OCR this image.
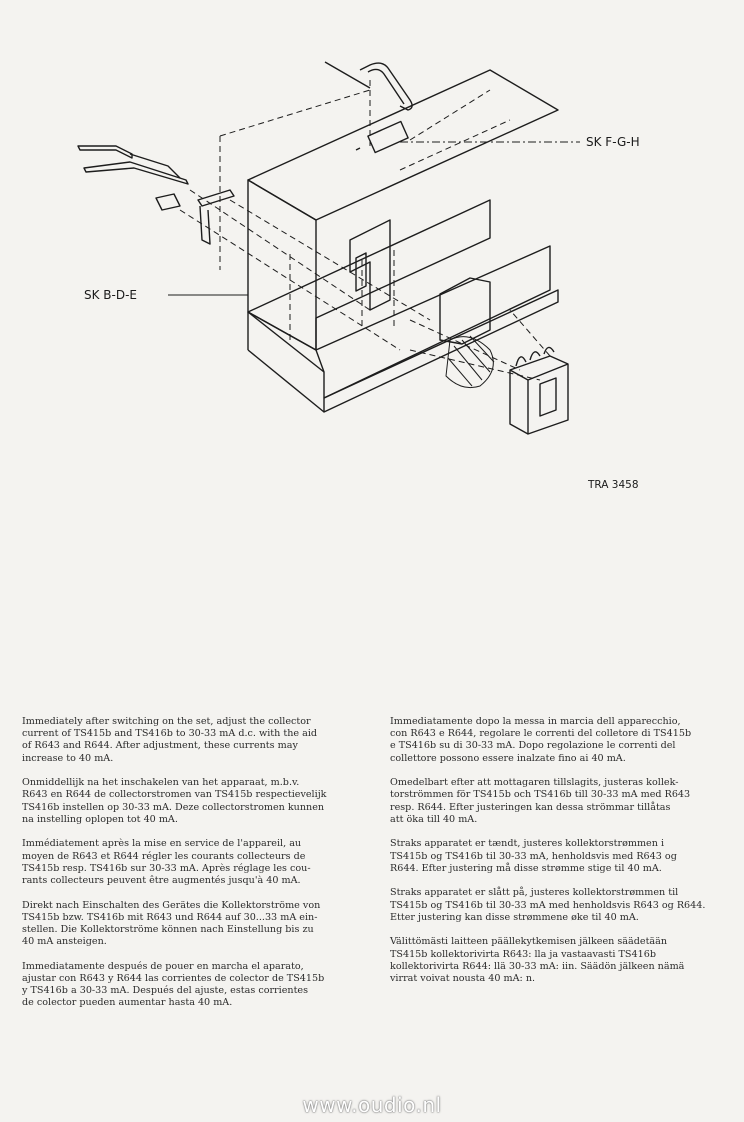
SK F-G-H
SK B-D-E
TRA 3458

Immediately after switching on the set, adjust the collector
current of TS415b and TS416b to 30-33 mA d.c. with the aid
of R643 and R644. After adjustment, these currents may
increase to 40 mA.

Onmiddellijk na het inschakelen van het apparaat, m.b.v.
R643 en R644 de collectorstromen van TS415b respectievelijk
TS416b instellen op 30-33 mA. Deze collectorstromen kunnen
na instelling oplopen tot 40 mA.

Immédiatement après la mise en service de l'appareil, au
moyen de R643 et R644 régler les courants collecteurs de
TS415b resp. TS416b sur 30-33 mA. Après réglage les cou-
rants collecteurs peuvent être augmentés jusqu'à 40 mA.

Direkt nach Einschalten des Gerätes die Kollektorströme von
TS415b bzw. TS416b mit R643 und R644 auf 30...33 mA ein-
stellen. Die Kollektorströme können nach Einstellung bis zu
40 mA ansteigen.

Immediatamente después de pouer en marcha el aparato,
ajustar con R643 y R644 las corrientes de colector de TS415b
y TS416b a 30-33 mA. Después del ajuste, estas corrientes
de colector pueden aumentar hasta 40 mA.

Immediatamente dopo la messa in marcia dell apparecchio,
con R643 e R644, regolare le correnti del colletore di TS415b
e TS416b su di 30-33 mA. Dopo regolazione le correnti del
collettore possono essere inalzate fino ai 40 mA.

Omedelbart efter att mottagaren tillslagits, justeras kollek-
torströmmen för TS415b och TS416b till 30-33 mA med R643
resp. R644. Efter justeringen kan dessa strömmar tillåtas
att öka till 40 mA.

Straks apparatet er tændt, justeres kollektorstrømmen i
TS415b og TS416b til 30-33 mA, henholdsvis med R643 og
R644. Efter justering må disse strømme stige til 40 mA.

Straks apparatet er slått på, justeres kollektorstrømmen til
TS415b og TS416b til 30-33 mA med henholdsvis R643 og R644.
Etter justering kan disse strømmene øke til 40 mA.

Välittömästi laitteen päällekytkemisen jälkeen säädetään
TS415b kollektorivirta R643: lla ja vastaavasti TS416b
kollektorivirta R644: llä 30-33 mA: iin. Säädön jälkeen nämä
virrat voivat nousta 40 mA: n.

www.oudio.nl
